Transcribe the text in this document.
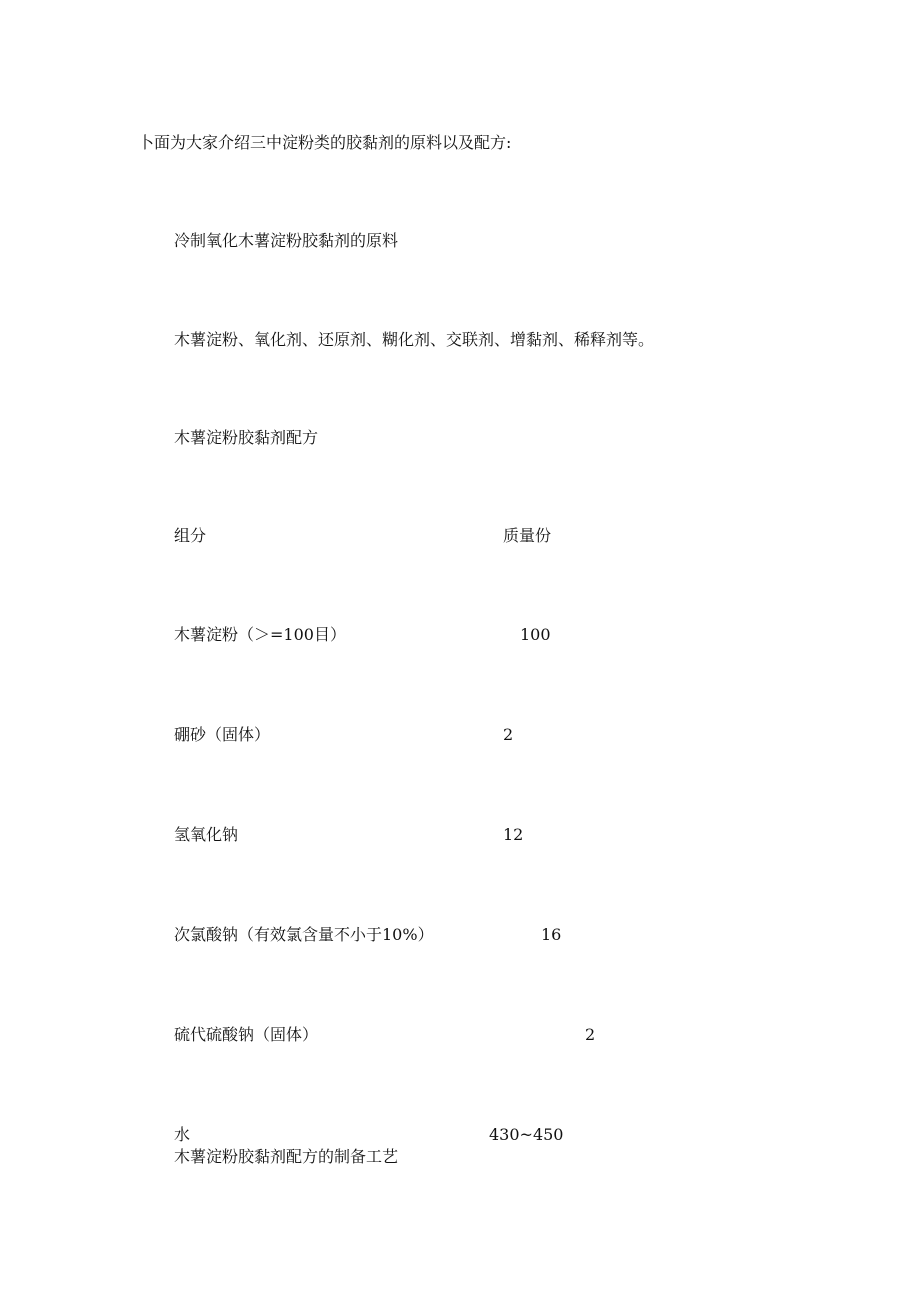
卜面为大家介绍三中淀粉类的胶黏剂的原料以及配方:
冷制氧化木薯淀粉胶黏剂的原料
木薯淀粉、氧化剂、还原剂、糊化剂、交联剂、增黏剂、稀释剂等。
木薯淀粉胶黏剂配方
组分	质量份
木薯淀粉（＞=100目）	100
硼砂（固体）	2
氢氧化钠	12
次氯酸钠（有效氯含量不小于10%）	16
硫代硫酸钠（固体）	2
水	430~450
木薯淀粉胶黏剂配方的制备工艺
